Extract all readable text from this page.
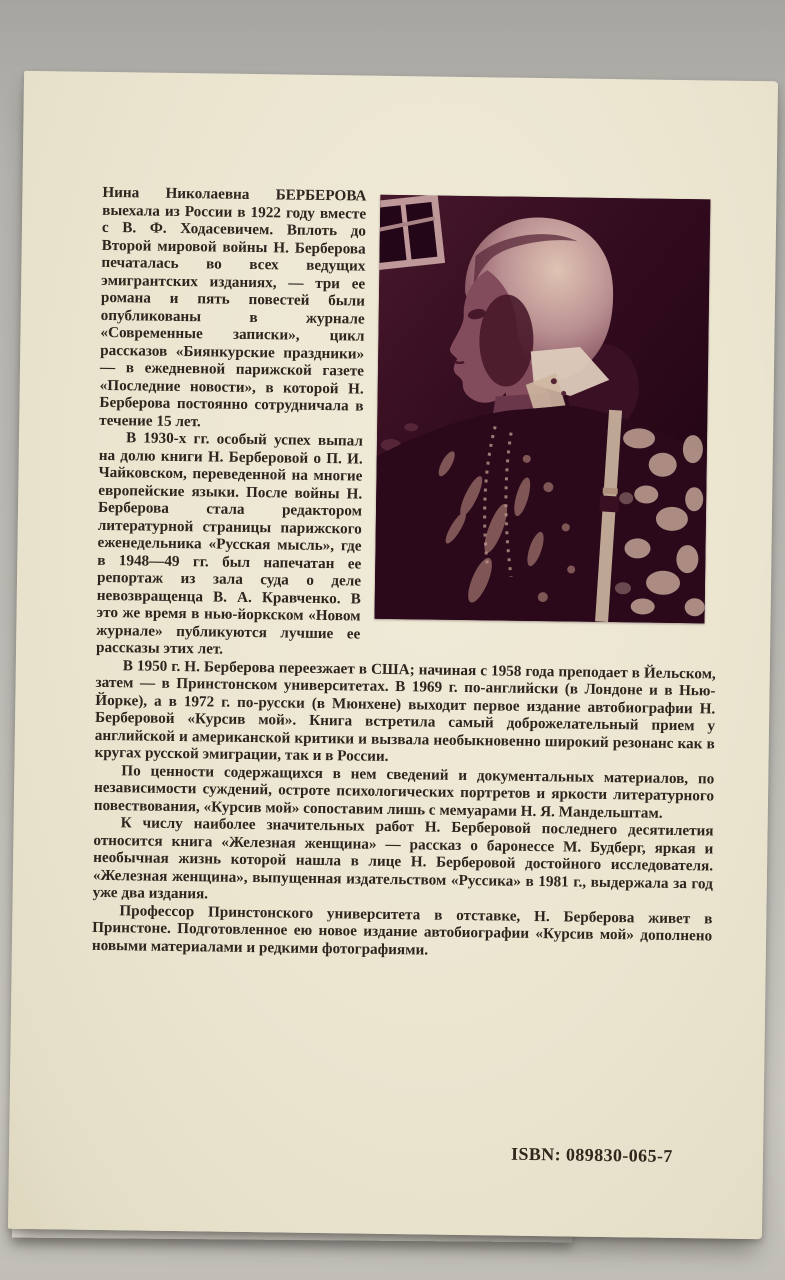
Нина Николаевна БЕРБЕРОВА выехала из России в 1922 году вместе с В. Ф. Ходасевичем. Вплоть до Второй мировой войны Н. Берберова печаталась во всех ведущих эмигрантских изданиях, — три ее романа и пять повестей были опубликованы в журнале «Современные записки», цикл рассказов «Биянкурские праздники» — в ежедневной парижской газете «Последние новости», в которой Н. Берберова постоянно сотрудничала в течение 15 лет.

В 1930-х гг. особый успех выпал на долю книги Н. Берберовой о П. И. Чайковском, переведенной на многие европейские языки. После войны Н. Берберова стала редактором литературной страницы парижского еженедельника «Русская мысль», где в 1948—49 гг. был напечатан ее репортаж из зала суда о деле невозвращенца В. А. Кравченко. В это же время в нью-йоркском «Новом журнале» публикуются лучшие ее рассказы этих лет.

В 1950 г. Н. Берберова переезжает в США; начиная с 1958 года преподает в Йельском, затем — в Принстонском университетах. В 1969 г. по-английски (в Лондоне и в Нью-Йорке), а в 1972 г. по-русски (в Мюнхене) выходит первое издание автобиографии Н. Берберовой «Курсив мой». Книга встретила самый доброжелательный прием у английской и американской критики и вызвала необыкновенно широкий резонанс как в кругах русской эмиграции, так и в России.

По ценности содержащихся в нем сведений и документальных материалов, по независимости суждений, остроте психологических портретов и яркости литературного повествования, «Курсив мой» сопоставим лишь с мемуарами Н. Я. Мандельштам.

К числу наиболее значительных работ Н. Берберовой последнего десятилетия относится книга «Железная женщина» — рассказ о баронессе М. Будберг, яркая и необычная жизнь которой нашла в лице Н. Берберовой достойного исследователя. «Железная женщина», выпущенная издательством «Руссика» в 1981 г., выдержала за год уже два издания.

Профессор Принстонского университета в отставке, Н. Берберова живет в Принстоне. Подготовленное ею новое издание автобиографии «Курсив мой» дополнено новыми материалами и редкими фотографиями.

ISBN: 089830-065-7
